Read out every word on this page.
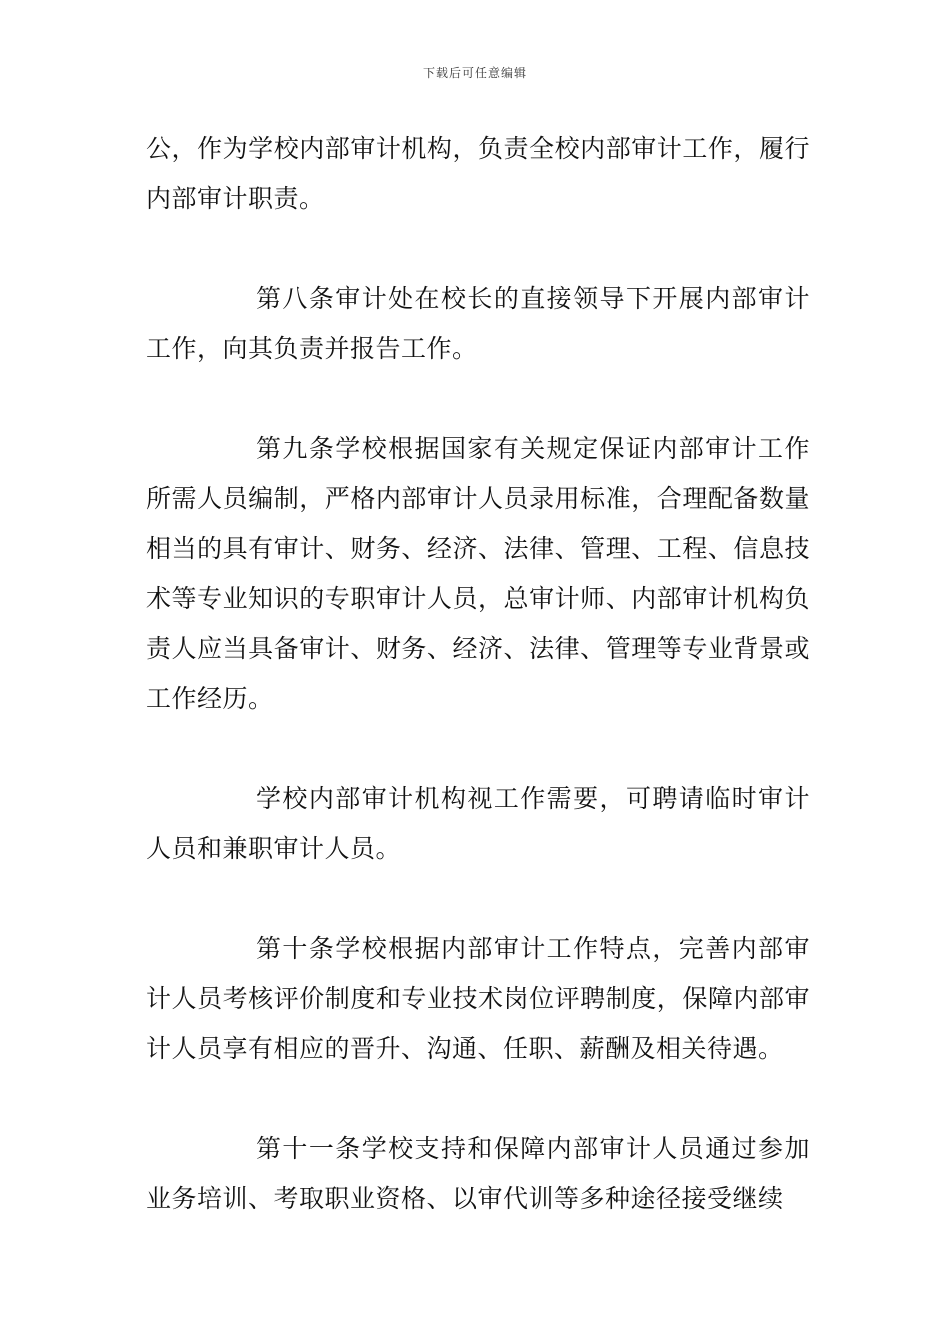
下载后可任意编辑

公，作为学校内部审计机构，负责全校内部审计工作，履行内部审计职责。

第八条审计处在校长的直接领导下开展内部审计工作，向其负责并报告工作。

第九条学校根据国家有关规定保证内部审计工作所需人员编制，严格内部审计人员录用标准，合理配备数量相当的具有审计、财务、经济、法律、管理、工程、信息技术等专业知识的专职审计人员，总审计师、内部审计机构负责人应当具备审计、财务、经济、法律、管理等专业背景或工作经历。

学校内部审计机构视工作需要，可聘请临时审计人员和兼职审计人员。

第十条学校根据内部审计工作特点，完善内部审计人员考核评价制度和专业技术岗位评聘制度，保障内部审计人员享有相应的晋升、沟通、任职、薪酬及相关待遇。

第十一条学校支持和保障内部审计人员通过参加业务培训、考取职业资格、以审代训等多种途径接受继续
